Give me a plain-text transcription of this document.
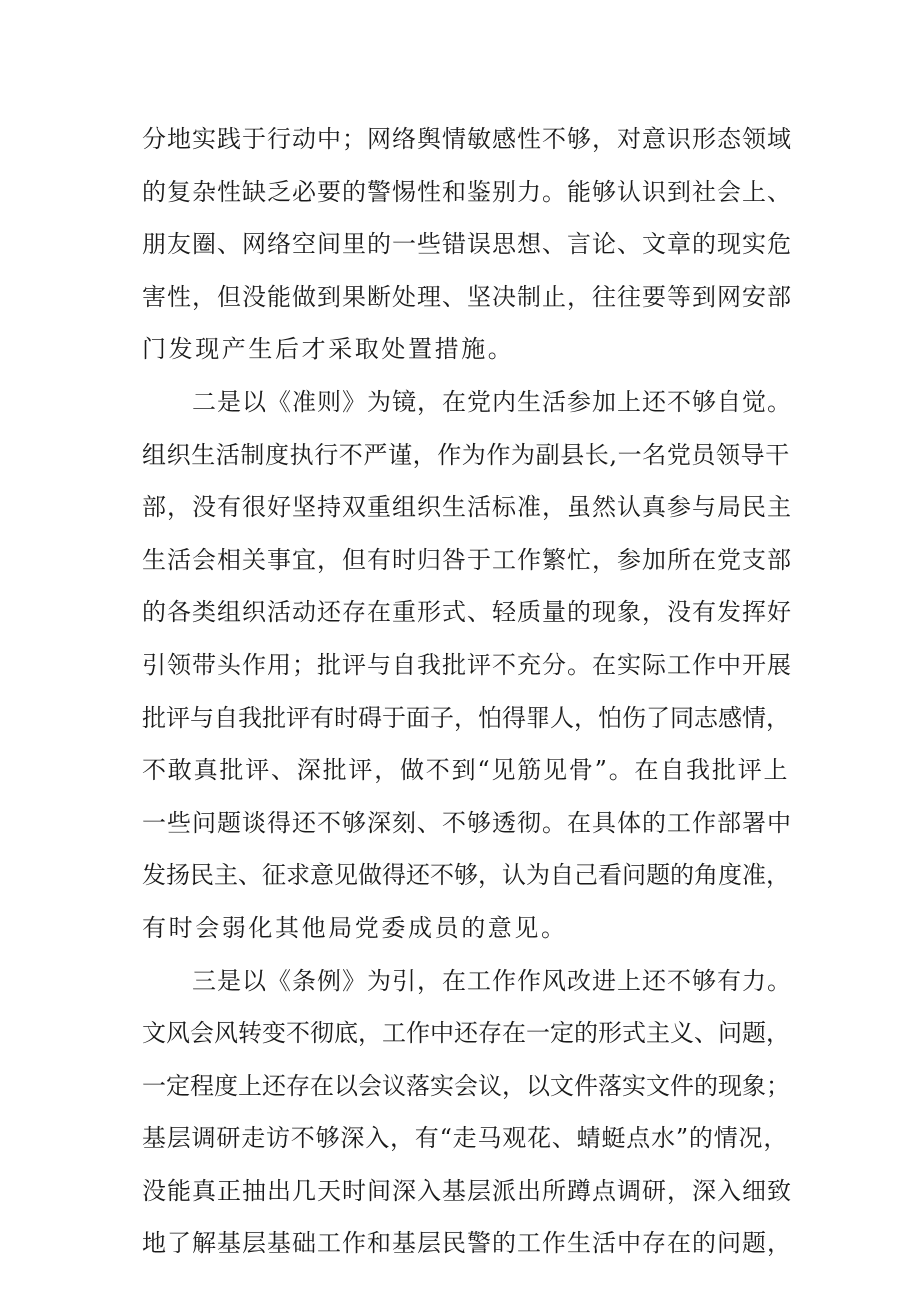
分地实践于行动中；网络舆情敏感性不够，对意识形态领域
的复杂性缺乏必要的警惕性和鉴别力。能够认识到社会上、
朋友圈、网络空间里的一些错误思想、言论、文章的现实危
害性，但没能做到果断处理、坚决制止，往往要等到网安部
门发现产生后才采取处置措施。
二是以《准则》为镜，在党内生活参加上还不够自觉。
组织生活制度执行不严谨，作为作为副县长,一名党员领导干
部，没有很好坚持双重组织生活标准，虽然认真参与局民主
生活会相关事宜，但有时归咎于工作繁忙，参加所在党支部
的各类组织活动还存在重形式、轻质量的现象，没有发挥好
引领带头作用；批评与自我批评不充分。在实际工作中开展
批评与自我批评有时碍于面子，怕得罪人，怕伤了同志感情，
不敢真批评、深批评，做不到“见筋见骨”。在自我批评上
一些问题谈得还不够深刻、不够透彻。在具体的工作部署中
发扬民主、征求意见做得还不够，认为自己看问题的角度准，
有时会弱化其他局党委成员的意见。
三是以《条例》为引，在工作作风改进上还不够有力。
文风会风转变不彻底，工作中还存在一定的形式主义、问题，
一定程度上还存在以会议落实会议，以文件落实文件的现象；
基层调研走访不够深入，有“走马观花、蜻蜓点水”的情况，
没能真正抽出几天时间深入基层派出所蹲点调研，深入细致
地了解基层基础工作和基层民警的工作生活中存在的问题，
